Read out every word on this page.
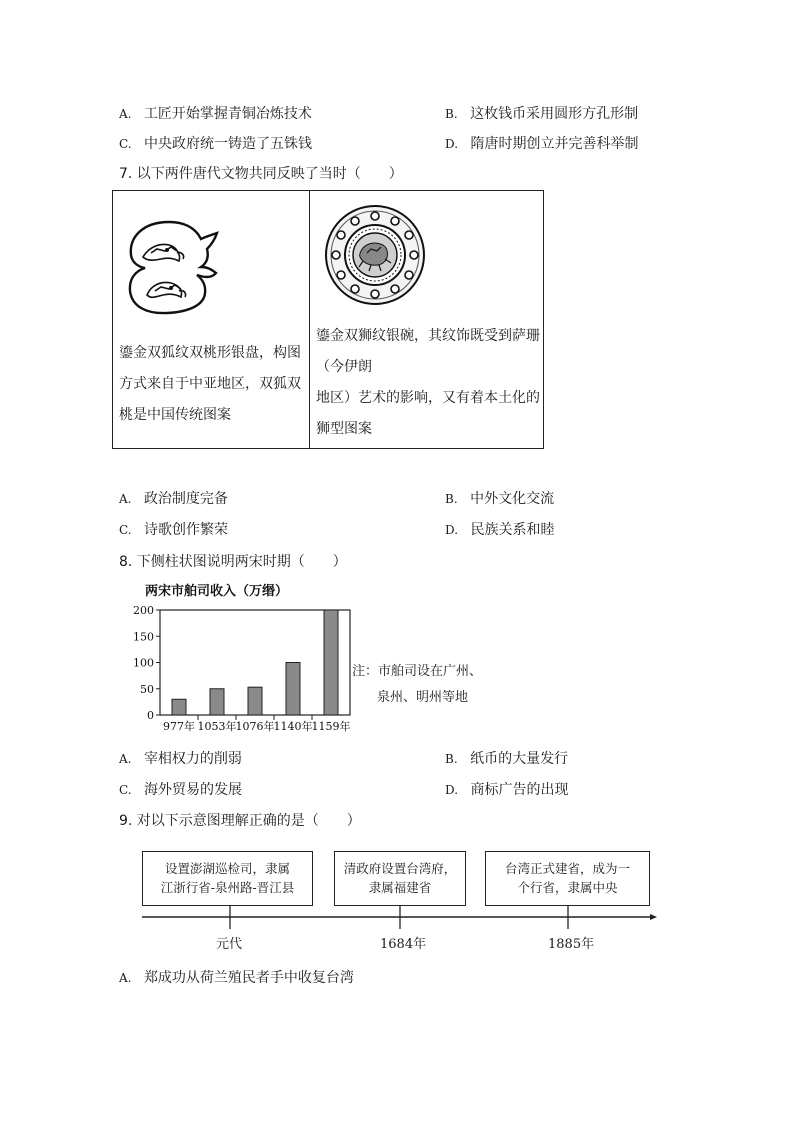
A. 工匠开始掌握青铜冶炼技术	B. 这枚钱币采用圆形方孔形制
C. 中央政府统一铸造了五铢钱	D. 隋唐时期创立并完善科举制
7. 以下两件唐代文物共同反映了当时（　　）
鎏金双狐纹双桃形银盘，构图
方式来自于中亚地区，双狐双
桃是中国传统图案
鎏金双狮纹银碗，其纹饰既受到萨珊
（今伊朗
地区）艺术的影响，又有着本土化的
狮型图案
A. 政治制度完备	B. 中外文化交流
C. 诗歌创作繁荣	D. 民族关系和睦
8. 下侧柱状图说明两宋时期（　　）
两宋市舶司收入（万缗）
0
50
100
150
200
977年 1053年 1076年 1140年 1159年
注：市舶司设在广州、
泉州、明州等地
A. 宰相权力的削弱	B. 纸币的大量发行
C. 海外贸易的发展	D. 商标广告的出现
9. 对以下示意图理解正确的是（　　）
设置澎湖巡检司，隶属
江浙行省-泉州路-晋江县
清政府设置台湾府，
隶属福建省
台湾正式建省，成为一
个行省，隶属中央
元代	1684年	1885年
A. 郑成功从荷兰殖民者手中收复台湾
